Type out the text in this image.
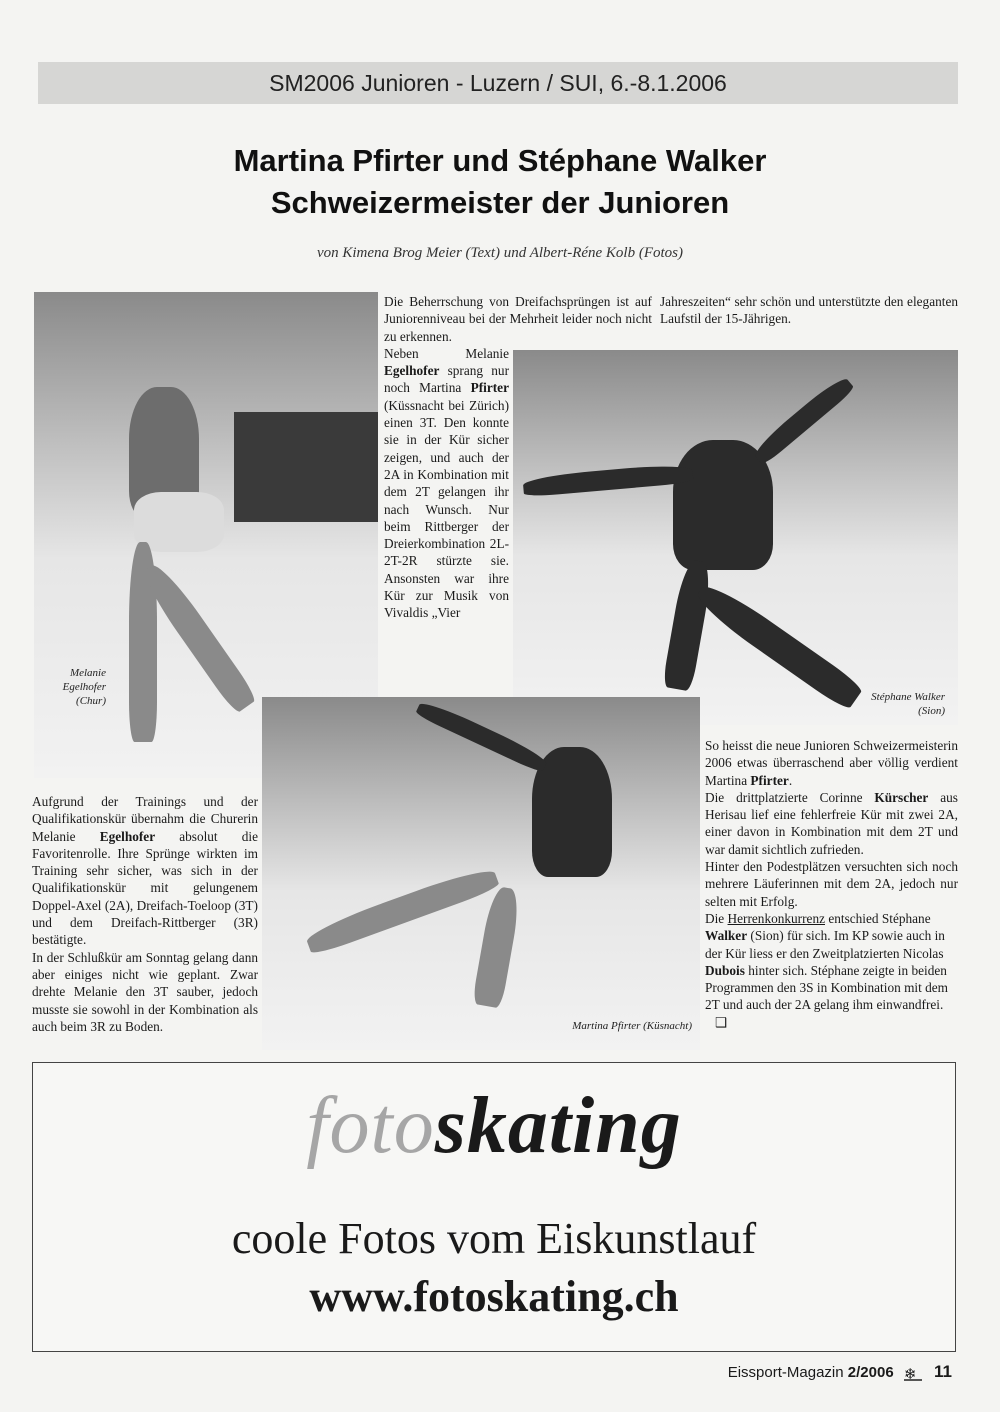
SM2006 Junioren - Luzern / SUI, 6.-8.1.2006
Martina Pfirter und Stéphane Walker
Schweizermeister der Junioren
von Kimena Brog Meier (Text) und Albert-Réne Kolb (Fotos)
Melanie Egelhofer (Chur)	Stéphane Walker (Sion)
Martina Pfirter (Küsnacht)

Die Beherrschung von Dreifachsprüngen ist auf Juniorenniveau bei der Mehrheit leider noch nicht zu erkennen.

Neben Melanie Egelhofer sprang nur noch Martina Pfirter (Küssnacht bei Zürich) einen 3T. Den konnte sie in der Kür sicher zeigen, und auch der 2A in Kombination mit dem 2T gelangen ihr nach Wunsch. Nur beim Rittberger der Dreierkombination 2L-2T-2R stürzte sie. Ansonsten war ihre Kür zur Musik von Vivaldis „Vier

Jahreszeiten“ sehr schön und unterstützte den eleganten Laufstil der 15-Jährigen.

Aufgrund der Trainings und der Qualifikationskür übernahm die Churerin Melanie Egelhofer absolut die Favoritenrolle. Ihre Sprünge wirkten im Training sehr sicher, was sich in der Qualifikationskür mit gelungenem Doppel-Axel (2A), Dreifach-Toeloop (3T) und dem Dreifach-Rittberger (3R) bestätigte.

In der Schlußkür am Sonntag gelang dann aber einiges nicht wie geplant. Zwar drehte Melanie den 3T sauber, jedoch musste sie sowohl in der Kombination als auch beim 3R zu Boden.

So heisst die neue Junioren Schweizermeisterin 2006 etwas überraschend aber völlig verdient Martina Pfirter.

Die drittplatzierte Corinne Kürscher aus Herisau lief eine fehlerfreie Kür mit zwei 2A, einer davon in Kombination mit dem 2T und war damit sichtlich zufrieden.

Hinter den Podestplätzen versuchten sich noch mehrere Läuferinnen mit dem 2A, jedoch nur selten mit Erfolg.

Die Herrenkonkurrenz entschied Stéphane Walker (Sion) für sich. Im KP sowie auch in der Kür liess er den Zweitplatzierten Nicolas Dubois hinter sich. Stéphane zeigte in beiden Programmen den 3S in Kombination mit dem 2T und auch der 2A gelang ihm einwandfrei. ❑

fotoskating
coole Fotos vom Eiskunstlauf
www.fotoskating.ch
Eissport-Magazin 2/2006 ❄ 11
